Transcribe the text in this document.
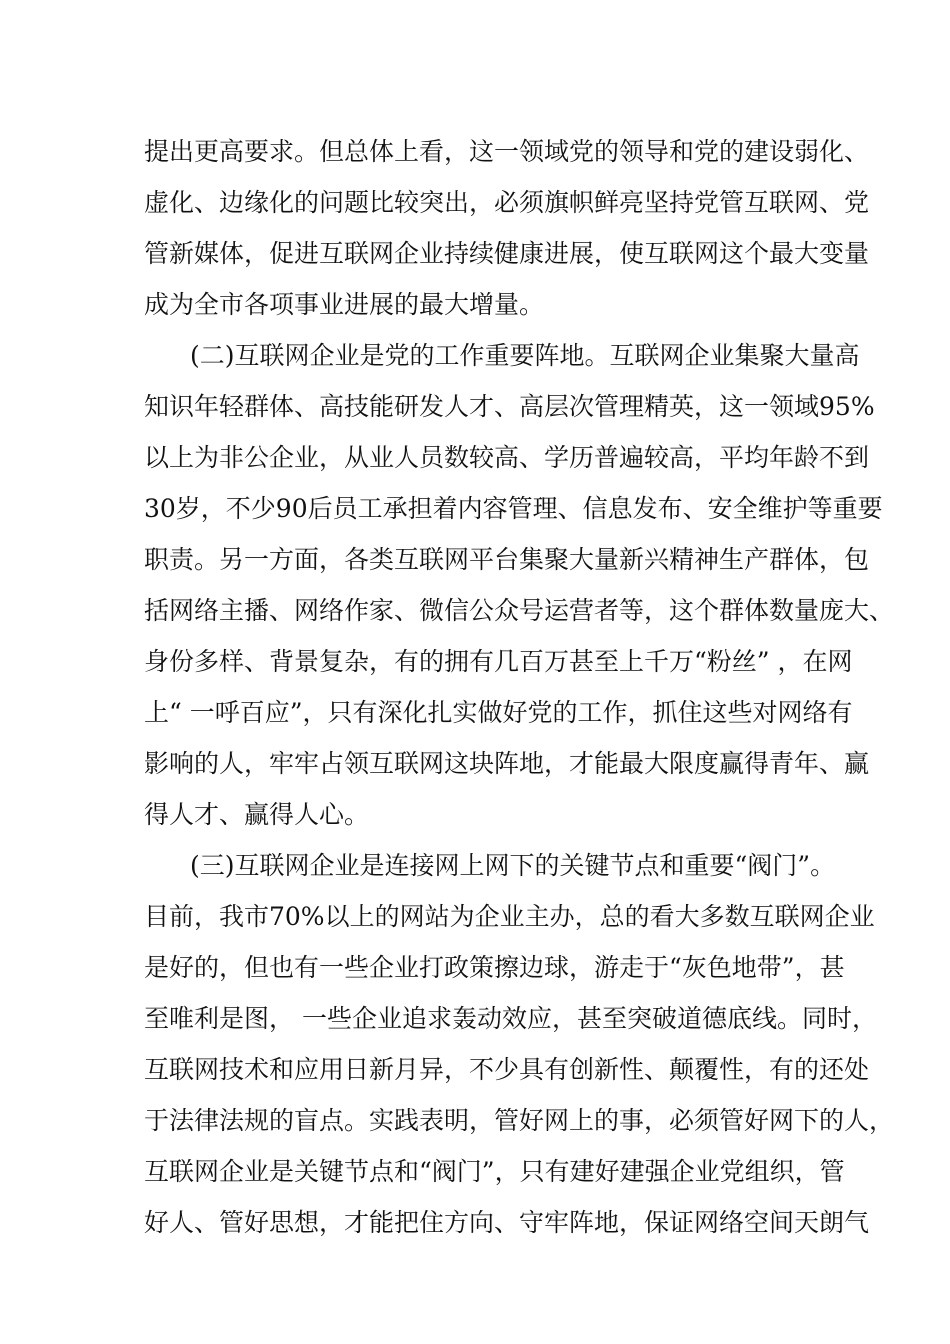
提出更高要求。但总体上看，这一领域党的领导和党的建设弱化、
虚化、边缘化的问题比较突出，必须旗帜鲜亮坚持党管互联网、党
管新媒体，促进互联网企业持续健康进展，使互联网这个最大变量
成为全市各项事业进展的最大增量。
(二)互联网企业是党的工作重要阵地。互联网企业集聚大量高
知识年轻群体、高技能研发人才、高层次管理精英，这一领域95%
以上为非公企业，从业人员数较高、学历普遍较高，平均年龄不到
30岁，不少90后员工承担着内容管理、信息发布、安全维护等重要
职责。另一方面，各类互联网平台集聚大量新兴精神生产群体，包
括网络主播、网络作家、微信公众号运营者等，这个群体数量庞大、
身份多样、背景复杂，有的拥有几百万甚至上千万“粉丝” ，在网
上“ 一呼百应”，只有深化扎实做好党的工作，抓住这些对网络有
影响的人，牢牢占领互联网这块阵地，才能最大限度赢得青年、赢
得人才、赢得人心。
(三)互联网企业是连接网上网下的关键节点和重要“阀门”。
目前，我市70%以上的网站为企业主办，总的看大多数互联网企业
是好的，但也有一些企业打政策擦边球，游走于“灰色地带”，甚
至唯利是图， 一些企业追求轰动效应，甚至突破道德底线。同时，
互联网技术和应用日新月异，不少具有创新性、颠覆性，有的还处
于法律法规的盲点。实践表明，管好网上的事，必须管好网下的人，
互联网企业是关键节点和“阀门”，只有建好建强企业党组织，管
好人、管好思想，才能把住方向、守牢阵地，保证网络空间天朗气
